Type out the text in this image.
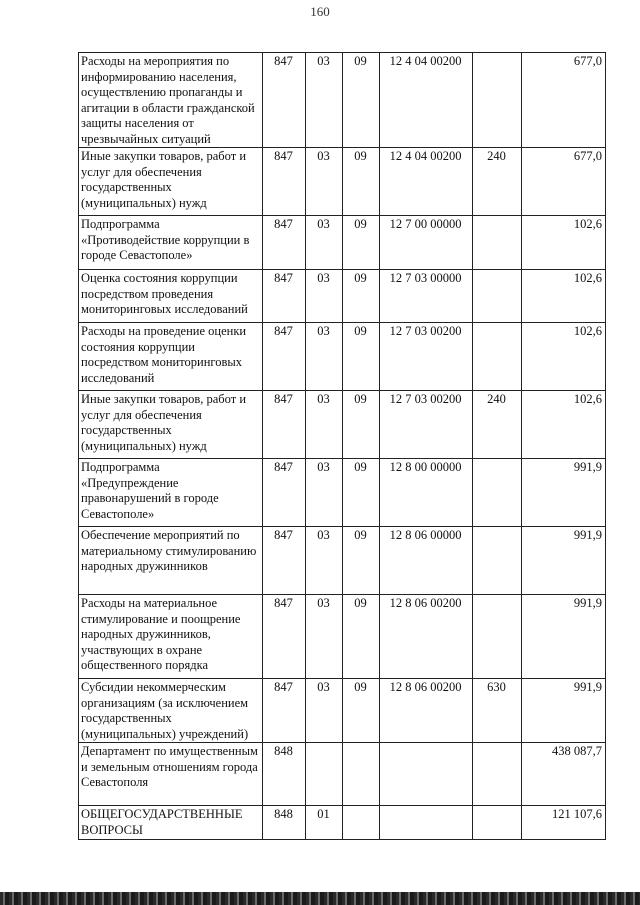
160
Расходы на мероприятия по информированию населения, осуществлению пропаганды и агитации в области гражданской защиты населения от чрезвычайных ситуаций	847	03	09	12 4 04 00200		677,0
Иные закупки товаров, работ и услуг для обеспечения государственных (муниципальных) нужд	847	03	09	12 4 04 00200	240	677,0
Подпрограмма «Противодействие коррупции в городе Севастополе»	847	03	09	12 7 00 00000		102,6
Оценка состояния коррупции посредством проведения мониторинговых исследований	847	03	09	12 7 03 00000		102,6
Расходы на проведение оценки состояния коррупции посредством мониторинговых исследований	847	03	09	12 7 03 00200		102,6
Иные закупки товаров, работ и услуг для обеспечения государственных (муниципальных) нужд	847	03	09	12 7 03 00200	240	102,6
Подпрограмма «Предупреждение правонарушений в городе Севастополе»	847	03	09	12 8 00 00000		991,9
Обеспечение мероприятий по материальному стимулированию народных дружинников	847	03	09	12 8 06 00000		991,9
Расходы на материальное стимулирование и поощрение народных дружинников, участвующих в охране общественного порядка	847	03	09	12 8 06 00200		991,9
Субсидии некоммерческим организациям (за исключением государственных (муниципальных) учреждений)	847	03	09	12 8 06 00200	630	991,9
Департамент по имущественным и земельным отношениям города Севастополя	848					438 087,7
ОБЩЕГОСУДАРСТВЕННЫЕ ВОПРОСЫ	848	01				121 107,6
